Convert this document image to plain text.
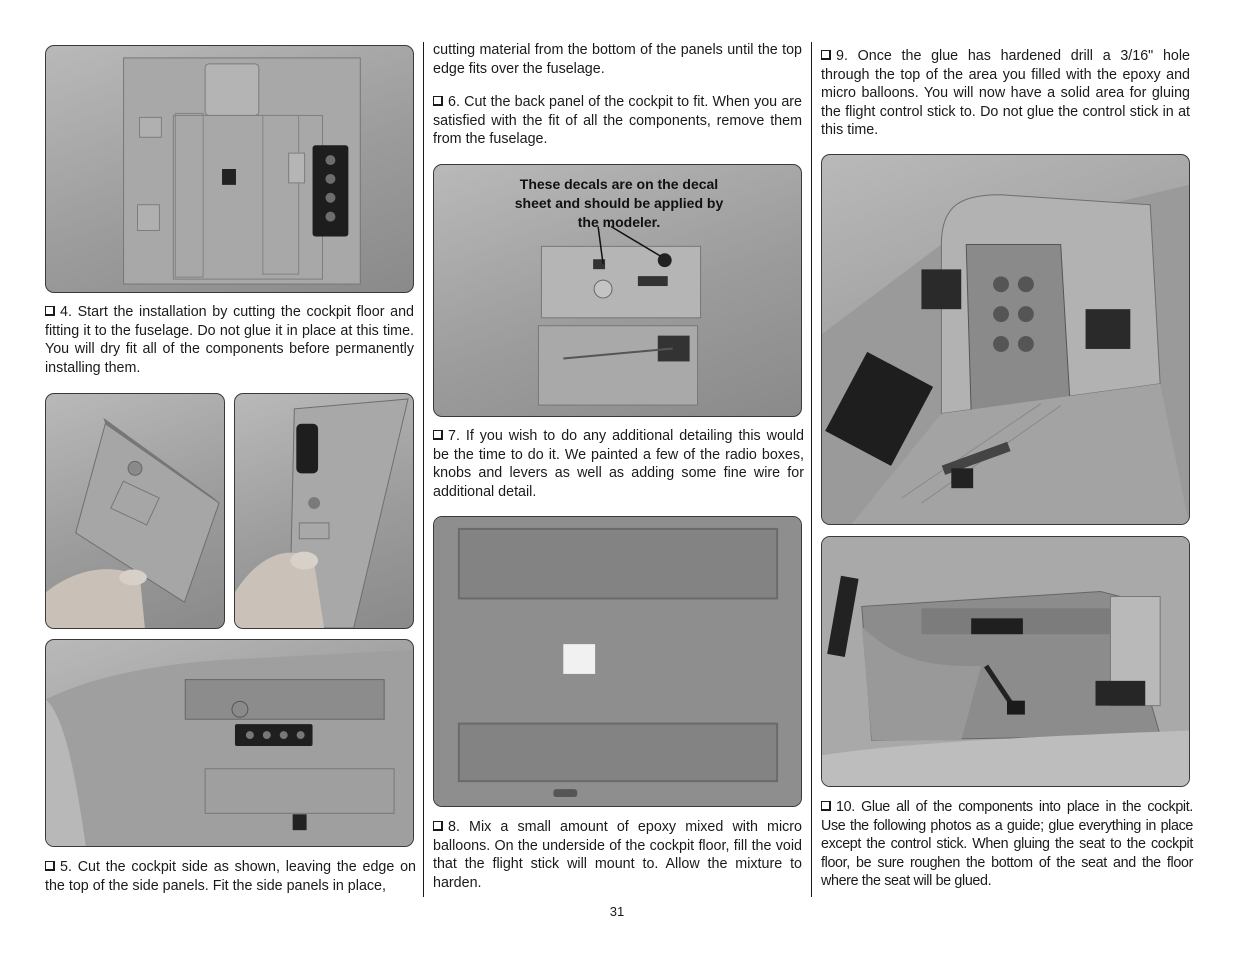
4. Start the installation by cutting the cockpit floor and fitting it to the fuselage. Do not glue it in place at this time. You will dry fit all of the components before permanently installing them.

5. Cut the cockpit side as shown, leaving the edge on the top of the side panels. Fit the side panels in place,

cutting material from the bottom of the panels until the top edge fits over the fuselage.

6. Cut the back panel of the cockpit to fit. When you are satisfied with the fit of all the components, remove them from the fuselage.

These decals are on the decal
sheet and should be applied by
the modeler.

7. If you wish to do any additional detailing this would be the time to do it. We painted a few of the radio boxes, knobs and levers as well as adding some fine wire for additional detail.

8. Mix a small amount of epoxy mixed with micro balloons. On the underside of the cockpit floor, fill the void that the flight stick will mount to. Allow the mixture to harden.

9. Once the glue has hardened drill a 3/16" hole through the top of the area you filled with the epoxy and micro balloons. You will now have a solid area for gluing the flight control stick to. Do not glue the control stick in at this time.

10. Glue all of the components into place in the cockpit. Use the following photos as a guide; glue everything in place except the control stick. When gluing the seat to the cockpit floor, be sure roughen the bottom of the seat and the floor where the seat will be glued.

31
